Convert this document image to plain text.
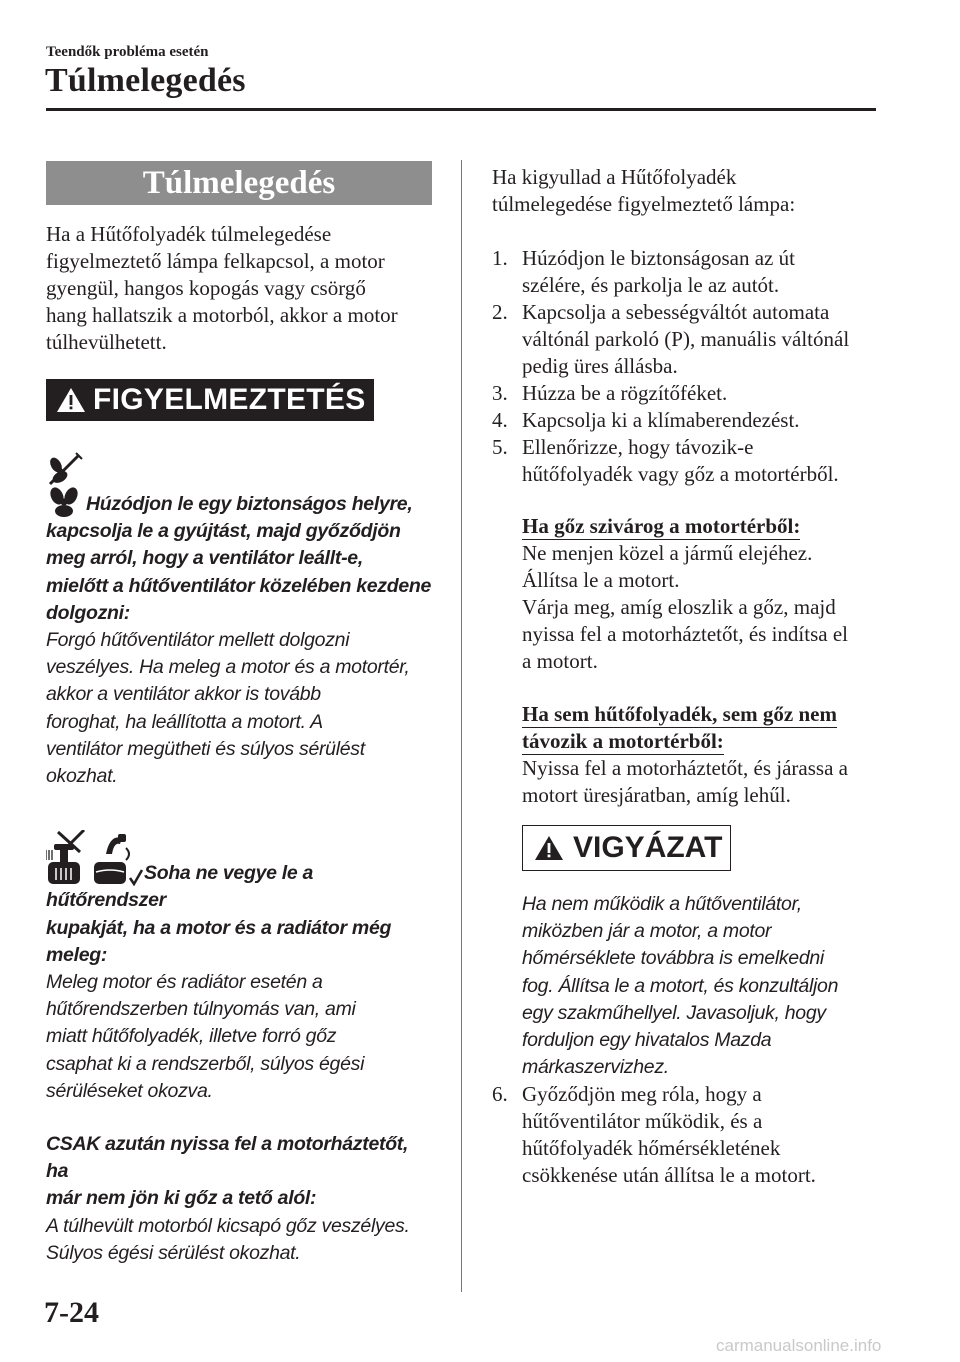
Teendők probléma esetén
Túlmelegedés
Túlmelegedés

Ha a Hűtőfolyadék túlmelegedése

figyelmeztető lámpa felkapcsol, a motor

gyengül, hangos kopogás vagy csörgő

hang hallatszik a motorból, akkor a motor

túlhevülhetett.

FIGYELMEZTETÉS

Húzódjon le egy biztonságos helyre,

kapcsolja le a gyújtást, majd győződjön

meg arról, hogy a ventilátor leállt-e,

mielőtt a hűtőventilátor közelében kezdene

dolgozni:

Forgó hűtőventilátor mellett dolgozni

veszélyes. Ha meleg a motor és a motortér,

akkor a ventilátor akkor is tovább

foroghat, ha leállította a motort. A

ventilátor megütheti és súlyos sérülést

okozhat.

Soha ne vegye le a hűtőrendszer

kupakját, ha a motor és a radiátor még

meleg:

Meleg motor és radiátor esetén a

hűtőrendszerben túlnyomás van, ami

miatt hűtőfolyadék, illetve forró gőz

csaphat ki a rendszerből, súlyos égési

sérüléseket okozva.

CSAK azután nyissa fel a motorháztetőt, ha

már nem jön ki gőz a tető alól:

A túlhevült motorból kicsapó gőz veszélyes.

Súlyos égési sérülést okozhat.

Ha kigyullad a Hűtőfolyadék

túlmelegedése figyelmeztető lámpa:

1. Húzódjon le biztonságosan az út
szélére, és parkolja le az autót.
2. Kapcsolja a sebességváltót automata
váltónál parkoló (P), manuális váltónál
pedig üres állásba.
3. Húzza be a rögzítőféket.
4. Kapcsolja ki a klímaberendezést.
5. Ellenőrizze, hogy távozik-e
hűtőfolyadék vagy gőz a motortérből.
Ha gőz szivárog a motortérből:

Ne menjen közel a jármű elejéhez.

Állítsa le a motort.

Várja meg, amíg eloszlik a gőz, majd

nyissa fel a motorháztetőt, és indítsa el

a motort.

Ha sem hűtőfolyadék, sem gőz nem
távozik a motortérből:

Nyissa fel a motorháztetőt, és járassa a

motort üresjáratban, amíg lehűl.

VIGYÁZAT

Ha nem működik a hűtőventilátor,

miközben jár a motor, a motor

hőmérséklete továbbra is emelkedni

fog. Állítsa le a motort, és konzultáljon

egy szakműhellyel. Javasoljuk, hogy

forduljon egy hivatalos Mazda

márkaszervizhez.

6. Győződjön meg róla, hogy a
hűtőventilátor működik, és a
hűtőfolyadék hőmérsékletének
csökkenése után állítsa le a motort.
7-24
carmanualsonline.info
